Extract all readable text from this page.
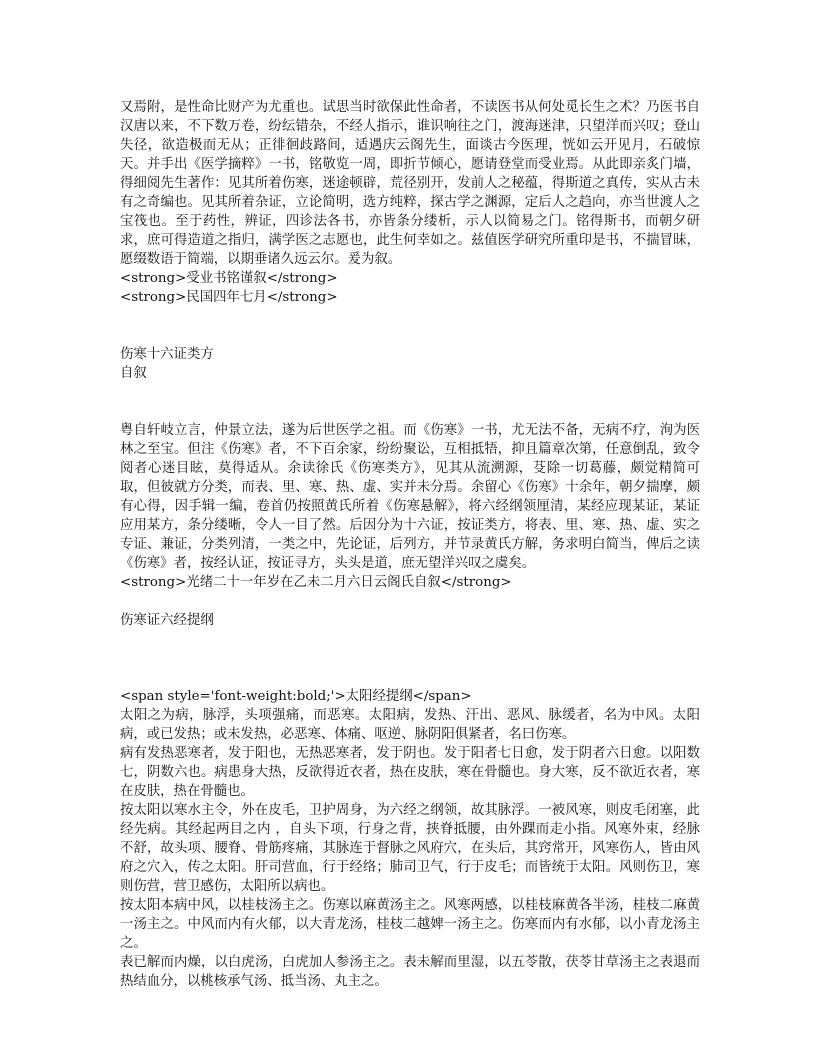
又焉附，是性命比财产为尤重也。试思当时欲保此性命者，不读医书从何处觅长生之术？乃医书自汉唐以来，不下数万卷，纷纭错杂，不经人指示，谁识响往之门，渡海迷津，只望洋而兴叹；登山失径，欲造极而无从；正徘徊歧路间，适遇庆云阁先生，面谈古今医理，恍如云开见月，石破惊天。并手出《医学摘粹》一书，铭敬览一周，即折节倾心，愿请登堂而受业焉。从此即亲炙门墙，得细阅先生著作：见其所着伤寒，迷途顿辟，荒径别开，发前人之秘蕴，得斯道之真传，实从古未有之奇编也。见其所着杂证，立论简明，选方纯粹，探古学之渊源，定后人之趋向，亦当世渡人之宝筏也。至于药性，辨证，四诊法各书，亦皆条分缕析，示人以简易之门。铭得斯书，而朝夕研求，庶可得造道之指归，满学医之志愿也，此生何幸如之。兹值医学研究所重印是书，不揣冒昧，愿缀数语于简端，以期垂诸久远云尔。爰为叙。

<strong>受业书铭谨叙</strong>
<strong>民国四年七月</strong>
伤寒十六证类方
自叙

粤自轩岐立言，仲景立法，遂为后世医学之祖。而《伤寒》一书，尤无法不备，无病不疗，洵为医林之至宝。但注《伤寒》者，不下百余家，纷纷聚讼，互相抵牾，抑且篇章次第，任意倒乱，致令阅者心迷目眩，莫得适从。余读徐氏《伤寒类方》，见其从流溯源，芟除一切葛藤，颇觉精简可取，但彼就方分类，而表、里、寒、热、虚、实并未分焉。余留心《伤寒》十余年，朝夕揣摩，颇有心得，因手辑一编，卷首仍按照黄氏所着《伤寒悬解》，将六经纲领厘清，某经应现某证，某证应用某方，条分缕晰，令人一目了然。后因分为十六证，按证类方，将表、里、寒、热、虚、实之专证、兼证，分类列清，一类之中，先论证，后列方，并节录黄氏方解，务求明白简当，俾后之读《伤寒》者，按经认证，按证寻方，头头是道，庶无望洋兴叹之虞矣。

<strong>光绪二十一年岁在乙未二月六日云阁氏自叙</strong>
伤寒证六经提纲
<span style='font-weight:bold;'>太阳经提纲</span>

太阳之为病，脉浮，头项强痛，而恶寒。太阳病，发热、汗出、恶风、脉缓者，名为中风。太阳病，或已发热；或未发热，必恶寒、体痛、呕逆、脉阴阳俱紧者，名曰伤寒。

病有发热恶寒者，发于阳也，无热恶寒者，发于阴也。发于阳者七日愈，发于阴者六日愈。以阳数七，阴数六也。病患身大热，反欲得近衣者，热在皮肤，寒在骨髓也。身大寒，反不欲近衣者，寒在皮肤，热在骨髓也。

按太阳以寒水主令，外在皮毛，卫护周身，为六经之纲领，故其脉浮。一被风寒，则皮毛闭塞，此经先病。其经起两目之内 ，自头下项，行身之背，挟脊抵腰，由外踝而走小指。风寒外束，经脉不舒，故头项、腰脊、骨筋疼痛，其脉连于督脉之风府穴，在头后，其窍常开，风寒伤人，皆由风府之穴入，传之太阳。肝司营血，行于经络；肺司卫气，行于皮毛；而皆统于太阳。风则伤卫，寒则伤营，营卫感伤，太阳所以病也。

按太阳本病中风，以桂枝汤主之。伤寒以麻黄汤主之。风寒两感，以桂枝麻黄各半汤，桂枝二麻黄一汤主之。中风而内有火郁，以大青龙汤，桂枝二越婢一汤主之。伤寒而内有水郁，以小青龙汤主之。

表已解而内燥，以白虎汤，白虎加人参汤主之。表未解而里湿，以五苓散，茯苓甘草汤主之表退而热结血分，以桃核承气汤、抵当汤、丸主之。
